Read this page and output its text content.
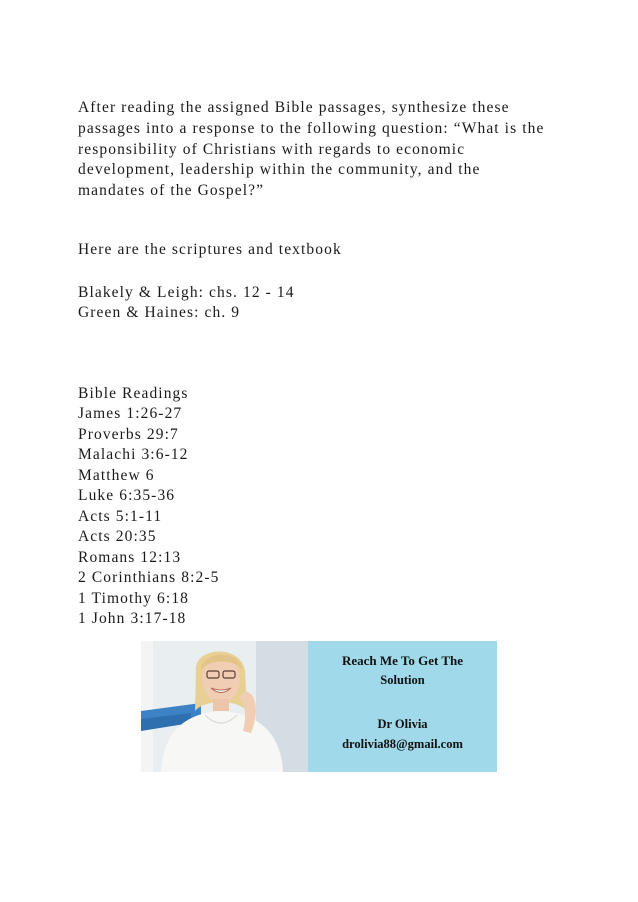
After reading the assigned Bible passages, synthesize these
passages into a response to the following question: “What is the
responsibility of Christians with regards to economic
development, leadership within the community, and the
mandates of the Gospel?”
Here are the scriptures and textbook
Blakely & Leigh: chs. 12 - 14
Green & Haines: ch. 9
Bible Readings
James 1:26-27
Proverbs 29:7
Malachi 3:6-12
Matthew 6
Luke 6:35-36
Acts 5:1-11
Acts 20:35
Romans 12:13
2 Corinthians 8:2-5
1 Timothy 6:18
1 John 3:17-18
Reach Me To Get The
Solution
Dr Olivia
drolivia88@gmail.com
